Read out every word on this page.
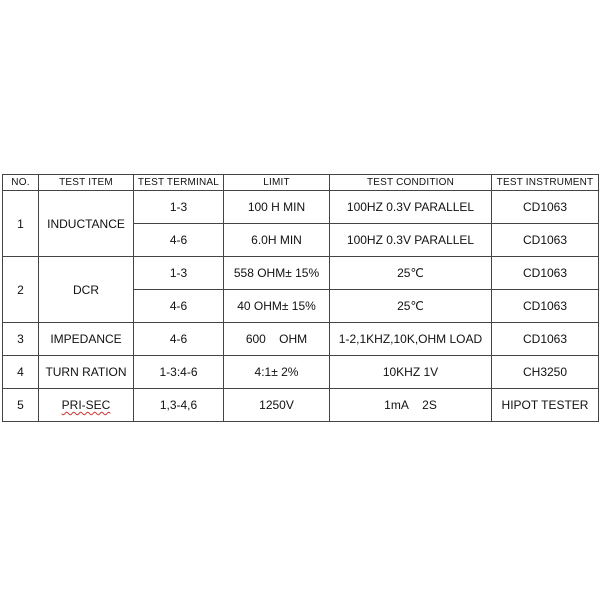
NO.	TEST ITEM	TEST TERMINAL	LIMIT	TEST CONDITION	TEST INSTRUMENT
1	INDUCTANCE	1-3	100 H MIN	100HZ 0.3V PARALLEL	CD1063
		4-6	6.0H MIN	100HZ 0.3V PARALLEL	CD1063
2	DCR	1-3	558 OHM± 15%	25℃	CD1063
		4-6	40 OHM± 15%	25℃	CD1063
3	IMPEDANCE	4-6	600    OHM	1-2,1KHZ,10K,OHM LOAD	CD1063
4	TURN RATION	1-3:4-6	4:1± 2%	10KHZ 1V	CH3250
5	PRI-SEC	1,3-4,6	1250V	1mA    2S	HIPOT TESTER
